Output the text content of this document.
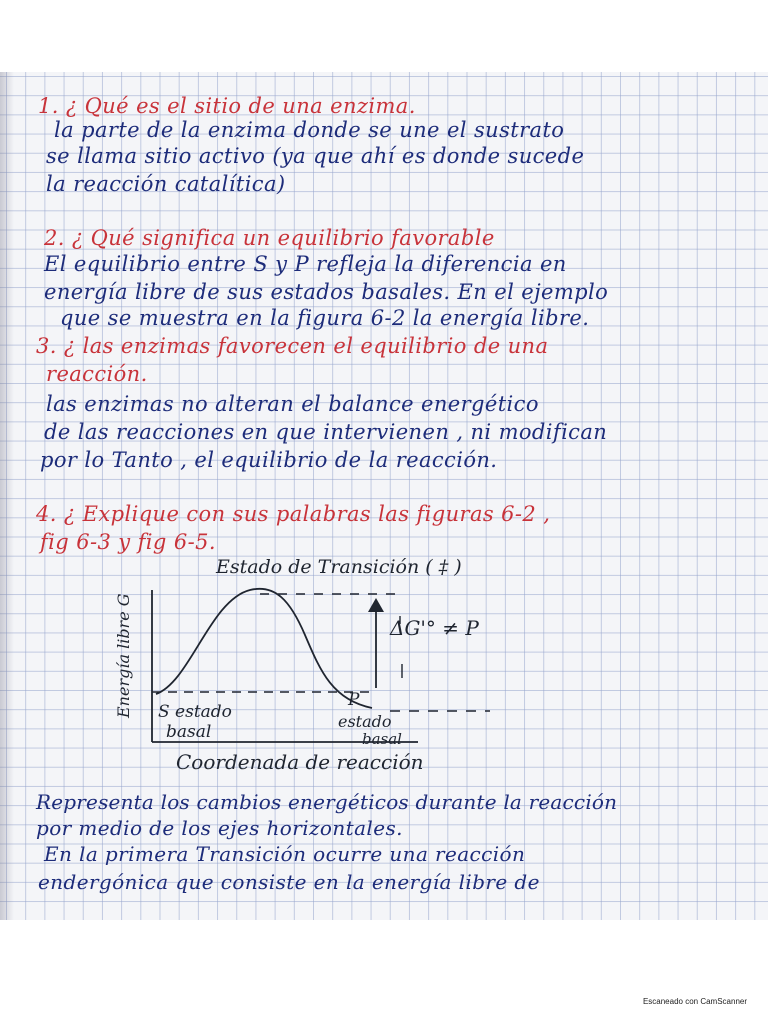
1. ¿ Qué es el sitio de una enzima.
la parte de la enzima donde se une el sustrato
se llama sitio activo (ya que ahí es donde sucede
la reacción catalítica)
2. ¿ Qué significa un equilibrio favorable
El equilibrio entre S y P refleja la diferencia en
energía libre de sus estados basales. En el ejemplo
que se muestra en la figura 6-2 la energía libre.
3. ¿ las enzimas favorecen el equilibrio de una
reacción.
las enzimas no alteran el balance energético
de las reacciones en que intervienen , ni modifican
por lo Tanto , el equilibrio de la reacción.
4. ¿ Explique con sus palabras las figuras 6-2 ,
fig 6-3 y fig 6-5.
Estado de Transición ( ‡ )
Energía libre G	ΔG'° ≠ P
S estado
basal
P
estado
basal
Coordenada de reacción
Representa los cambios energéticos durante la reacción
por medio de los ejes horizontales.
En la primera Transición ocurre una reacción
endergónica que consiste en la energía libre de
Escaneado con CamScanner
